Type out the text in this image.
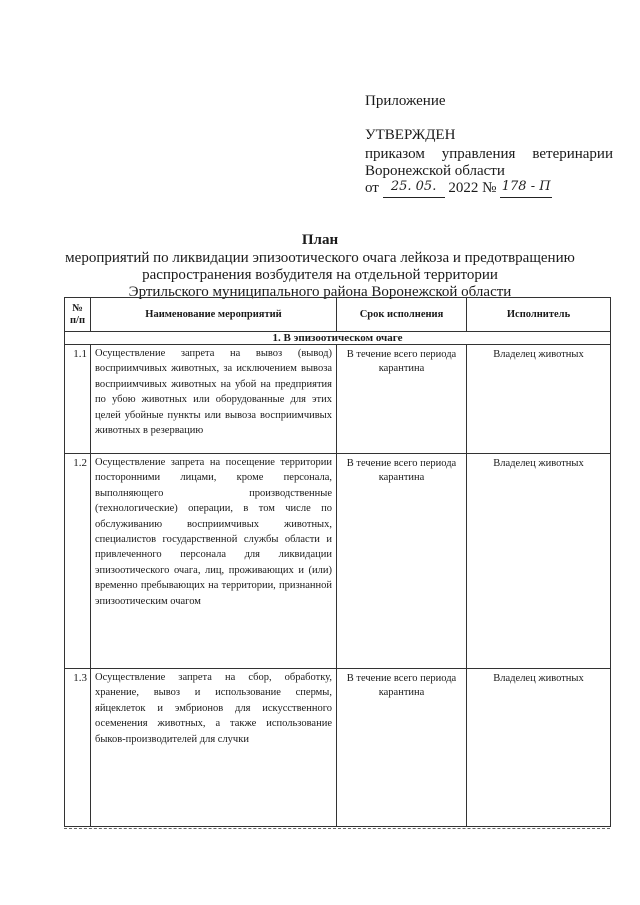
Приложение
УТВЕРЖДЕН
приказом управления ветеринарии
Воронежской области
от 25. 05. 2022 № 178 - П
План
мероприятий по ликвидации эпизоотического очага лейкоза и предотвращению
распространения возбудителя на отдельной территории
Эртильского муниципального района Воронежской области
№ п/п	Наименование мероприятий	Срок исполнения	Исполнитель
1. В эпизоотическом очаге			
1.1	Осуществление запрета на вывоз (вывод) восприимчивых животных, за исключением вывоза восприимчивых животных на убой на предприятия по убою животных или оборудованные для этих целей убойные пункты или вывоза восприимчивых животных в резервацию	В течение всего периода карантина	Владелец животных
1.2	Осуществление запрета на посещение территории посторонними лицами, кроме персонала, выполняющего производственные (технологические) операции, в том числе по обслуживанию восприимчивых животных, специалистов государственной службы области и привлеченного персонала для ликвидации эпизоотического очага, лиц, проживающих и (или) временно пребывающих на территории, признанной эпизоотическим очагом	В течение всего периода карантина	Владелец животных
1.3	Осуществление запрета на сбор, обработку, хранение, вывоз и использование спермы, яйцеклеток и эмбрионов для искусственного осеменения животных, а также использование быков-производителей для случки	В течение всего периода карантина	Владелец животных
